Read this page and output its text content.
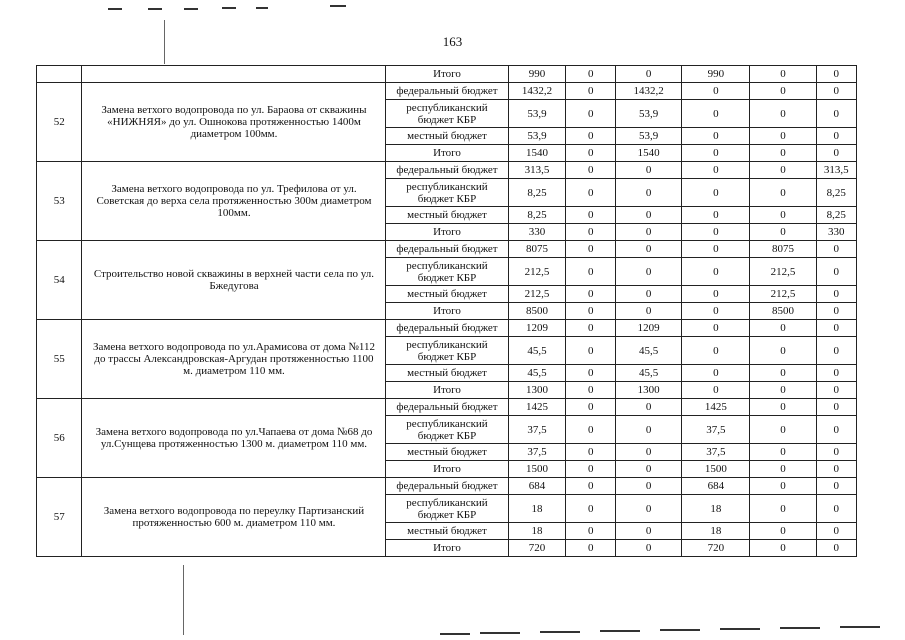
163
		Итого	990	0	0	990	0	0
52	Замена ветхого водопровода по ул. Бараова от скважины «НИЖНЯЯ» до ул. Ошнокова протяженностью 1400м диаметром 100мм.	федеральный бюджет	1432,2	0	1432,2	0	0	0
		республиканский бюджет КБР	53,9	0	53,9	0	0	0
		местный бюджет	53,9	0	53,9	0	0	0
		Итого	1540	0	1540	0	0	0
53	Замена ветхого водопровода по ул. Трефилова от ул. Советская до верха села протяженностью 300м диаметром 100мм.	федеральный бюджет	313,5	0	0	0	0	313,5
		республиканский бюджет КБР	8,25	0	0	0	0	8,25
		местный бюджет	8,25	0	0	0	0	8,25
		Итого	330	0	0	0	0	330
54	Строительство новой скважины в верхней части села по ул. Бжедугова	федеральный бюджет	8075	0	0	0	8075	0
		республиканский бюджет КБР	212,5	0	0	0	212,5	0
		местный бюджет	212,5	0	0	0	212,5	0
		Итого	8500	0	0	0	8500	0
55	Замена ветхого водопровода по ул.Арамисова от дома №112 до трассы Александровская-Аргудан протяженностью 1100 м. диаметром 110 мм.	федеральный бюджет	1209	0	1209	0	0	0
		республиканский бюджет КБР	45,5	0	45,5	0	0	0
		местный бюджет	45,5	0	45,5	0	0	0
		Итого	1300	0	1300	0	0	0
56	Замена ветхого водопровода по ул.Чапаева от дома №68 до ул.Сунщева протяженностью 1300 м. диаметром 110 мм.	федеральный бюджет	1425	0	0	1425	0	0
		республиканский бюджет КБР	37,5	0	0	37,5	0	0
		местный бюджет	37,5	0	0	37,5	0	0
		Итого	1500	0	0	1500	0	0
57	Замена ветхого водопровода по переулку Партизанский протяженностью 600 м. диаметром 110 мм.	федеральный бюджет	684	0	0	684	0	0
		республиканский бюджет КБР	18	0	0	18	0	0
		местный бюджет	18	0	0	18	0	0
		Итого	720	0	0	720	0	0
